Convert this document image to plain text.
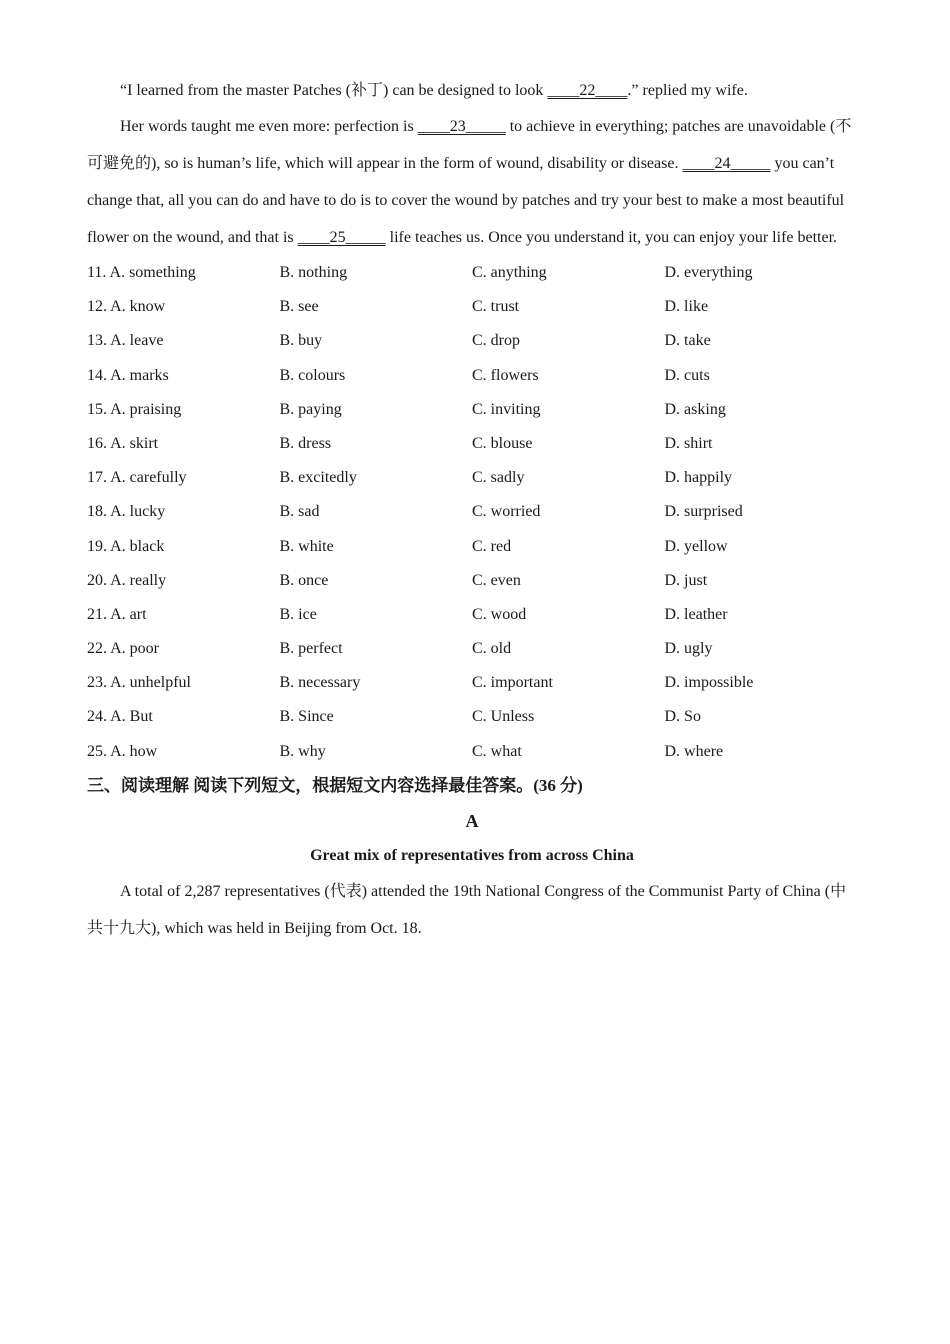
“I learned from the master Patches (补丁) can be designed to look ____22____.” replied my wife.

Her words taught me even more: perfection is ____23_____ to achieve in everything; patches are unavoidable (不可避免的), so is human’s life, which will appear in the form of wound, disability or disease. ____24_____ you can’t change that, all you can do and have to do is to cover the wound by patches and try your best to make a most beautiful flower on the wound, and that is ____25_____ life teaches us. Once you understand it, you can enjoy your life better.

11. A. something	B. nothing	C. anything	D. everything
12. A. know	B. see	C. trust	D. like
13. A. leave	B. buy	C. drop	D. take
14. A. marks	B. colours	C. flowers	D. cuts
15. A. praising	B. paying	C. inviting	D. asking
16. A. skirt	B. dress	C. blouse	D. shirt
17. A. carefully	B. excitedly	C. sadly	D. happily
18. A. lucky	B. sad	C. worried	D. surprised
19. A. black	B. white	C. red	D. yellow
20. A. really	B. once	C. even	D. just
21. A. art	B. ice	C. wood	D. leather
22. A. poor	B. perfect	C. old	D. ugly
23. A. unhelpful	B. necessary	C. important	D. impossible
24. A. But	B. Since	C. Unless	D. So
25. A. how	B. why	C. what	D. where
三、阅读理解 阅读下列短文，根据短文内容选择最佳答案。(36 分)
A
Great mix of representatives from across China

A total of 2,287 representatives (代表) attended the 19th National Congress of the Communist Party of China (中共十九大), which was held in Beijing from Oct. 18.
